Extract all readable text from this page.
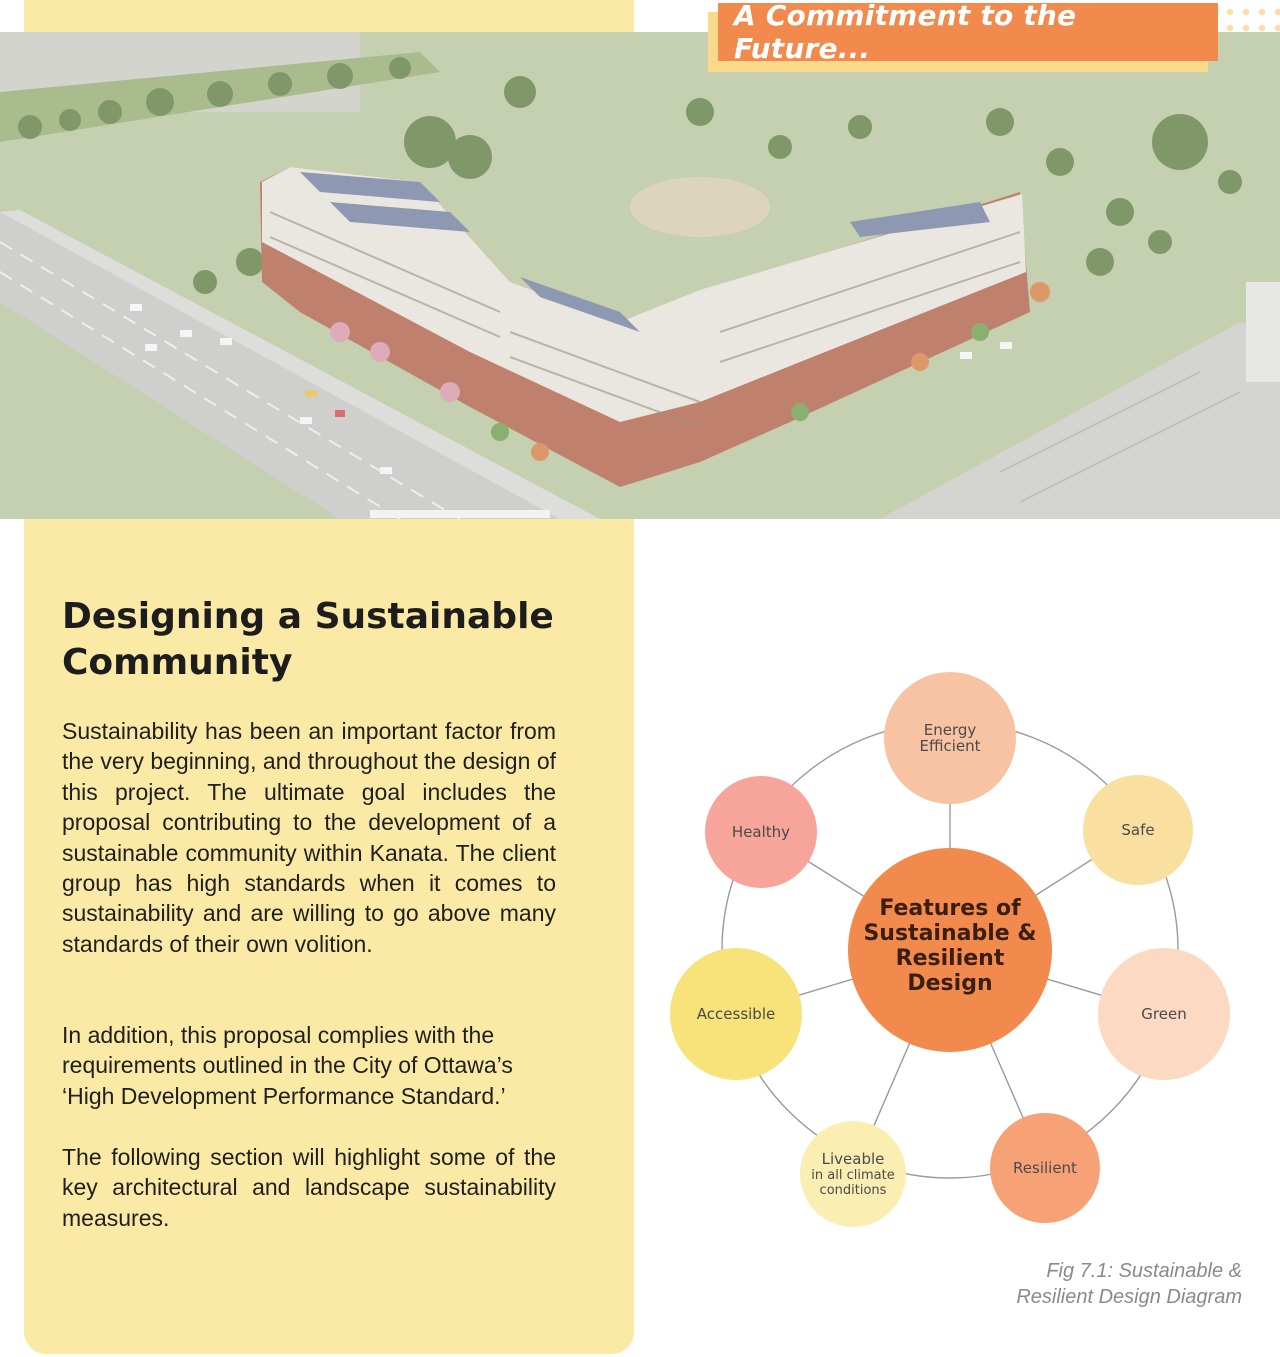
A Commitment to the Future...
Designing a Sustainable
Community

Sustainability has been an important factor from the very beginning, and throughout the design of this project. The ultimate goal includes the proposal contributing to the development of a sustainable community within Kanata. The client group has high standards when it comes to sustainability and are willing to go above many standards of their own volition.

In addition, this proposal complies with the requirements outlined in the City of Ottawa’s ‘High Development Performance Standard.’

The following section will highlight some of the key architectural and landscape sustainability measures.

Features of Sustainable & Resilient Design
Energy Efficient
Safe
Green
Resilient
Liveable in all climate conditions
Accessible
Healthy
Fig 7.1: Sustainable &
Resilient Design Diagram
